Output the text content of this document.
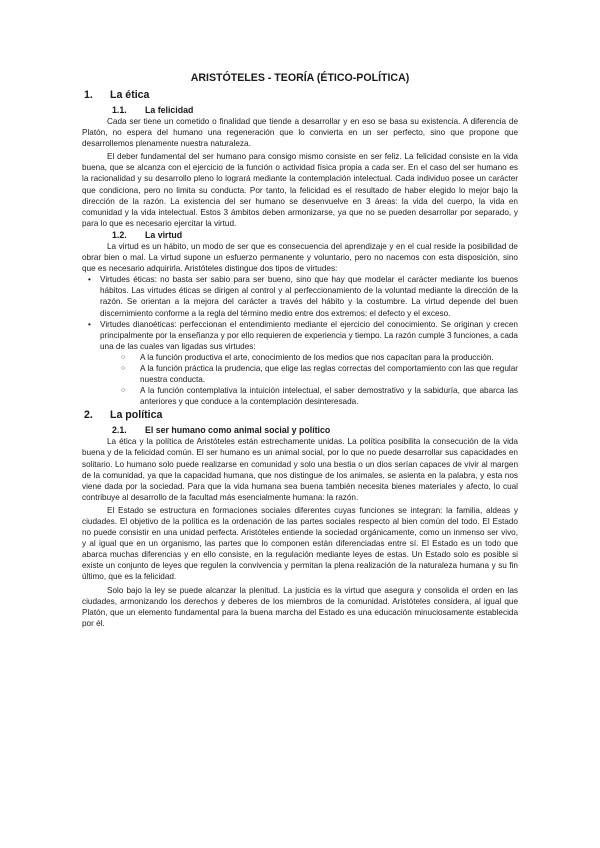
ARISTÓTELES - TEORÍA (ÉTICO-POLÍTICA)
1.	La ética
1.1.	La felicidad

Cada ser tiene un cometido o finalidad que tiende a desarrollar y en eso se basa su existencia. A diferencia de Platón, no espera del humano una regeneración que lo convierta en un ser perfecto, sino que propone que desarrollemos plenamente nuestra naturaleza.

El deber fundamental del ser humano para consigo mismo consiste en ser feliz. La felicidad consiste en la vida buena, que se alcanza con el ejercicio de la función o actividad física propia a cada ser. En el caso del ser humano es la racionalidad y su desarrollo pleno lo logrará mediante la contemplación intelectual. Cada individuo posee un carácter que condiciona, pero no limita su conducta. Por tanto, la felicidad es el resultado de haber elegido lo mejor bajo la dirección de la razón. La existencia del ser humano se desenvuelve en 3 áreas: la vida del cuerpo, la vida en comunidad y la vida intelectual. Estos 3 ámbitos deben armonizarse, ya que no se pueden desarrollar por separado, y para lo que es necesario ejercitar la virtud.

1.2.	La virtud

La virtud es un hábito, un modo de ser que es consecuencia del aprendizaje y en el cual reside la posibilidad de obrar bien o mal. La virtud supone un esfuerzo permanente y voluntario, pero no nacemos con esta disposición, sino que es necesario adquirirla. Aristóteles distingue dos tipos de virtudes:

• Virtudes éticas: no basta ser sabio para ser bueno, sino que hay que modelar el carácter mediante los buenos hábitos. Las virtudes éticas se dirigen al control y al perfeccionamiento de la voluntad mediante la dirección de la razón. Se orientan a la mejora del carácter a través del hábito y la costumbre. La virtud depende del buen discernimiento conforme a la regla del término medio entre dos extremos: el defecto y el exceso.
• Virtudes dianoéticas: perfeccionan el entendimiento mediante el ejercicio del conocimiento. Se originan y crecen principalmente por la enseñanza y por ello requieren de experiencia y tiempo. La razón cumple 3 funciones, a cada una de las cuales van ligadas sus virtudes:
○ A la función productiva el arte, conocimiento de los medios que nos capacitan para la producción.
○ A la función práctica la prudencia, que elige las reglas correctas del comportamiento con las que regular nuestra conducta.
○ A la función contemplativa la intuición intelectual, el saber demostrativo y la sabiduría, que abarca las anteriores y que conduce a la contemplación desinteresada.
2.	La política
2.1.	El ser humano como animal social y político

La ética y la política de Aristóteles están estrechamente unidas. La política posibilita la consecución de la vida buena y de la felicidad común. El ser humano es un animal social, por lo que no puede desarrollar sus capacidades en solitario. Lo humano solo puede realizarse en comunidad y solo una bestia o un dios serían capaces de vivir al margen de la comunidad, ya que la capacidad humana, que nos distingue de los animales, se asienta en la palabra, y esta nos viene dada por la sociedad. Para que la vida humana sea buena también necesita bienes materiales y afecto, lo cual contribuye al desarrollo de la facultad más esencialmente humana: la razón.

El Estado se estructura en formaciones sociales diferentes cuyas funciones se integran: la familia, aldeas y ciudades. El objetivo de la política es la ordenación de las partes sociales respecto al bien común del todo. El Estado no puede consistir en una unidad perfecta. Aristóteles entiende la sociedad orgánicamente, como un inmenso ser vivo, y al igual que en un organismo, las partes que lo componen están diferenciadas entre sí. El Estado es un todo que abarca muchas diferencias y en ello consiste, en la regulación mediante leyes de estas. Un Estado solo es posible si existe un conjunto de leyes que regulen la convivencia y permitan la plena realización de la naturaleza humana y su fin último, que es la felicidad.

Solo bajo la ley se puede alcanzar la plenitud. La justicia es la virtud que asegura y consolida el orden en las ciudades, armonizando los derechos y deberes de los miembros de la comunidad. Aristóteles considera, al igual que Platón, que un elemento fundamental para la buena marcha del Estado es una educación minuciosamente establecida por él.
